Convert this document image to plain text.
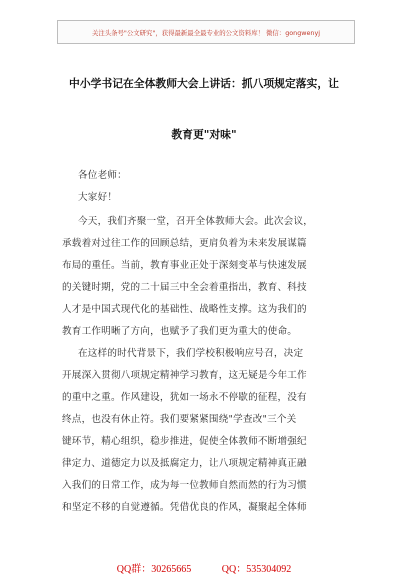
关注头条号"公文研究"，获得最新最全最专业的公文资料库！ 微信：gongwenyj
中小学书记在全体教师大会上讲话：抓八项规定落实，让
教育更"对味"
各位老师：
大家好！
今天，我们齐聚一堂，召开全体教师大会。此次会议，
承载着对过往工作的回顾总结，更肩负着为未来发展谋篇
布局的重任。当前，教育事业正处于深刻变革与快速发展
的关键时期，党的二十届三中全会着重指出，教育、科技
人才是中国式现代化的基础性、战略性支撑。这为我们的
教育工作明晰了方向，也赋予了我们更为重大的使命。
在这样的时代背景下，我们学校积极响应号召，决定
开展深入贯彻八项规定精神学习教育，这无疑是今年工作
的重中之重。作风建设，犹如一场永不停歇的征程，没有
终点，也没有休止符。我们要紧紧围绕"学查改"三个关
键环节，精心组织，稳步推进，促使全体教师不断增强纪
律定力、道德定力以及抵腐定力，让八项规定精神真正融
入我们的日常工作，成为每一位教师自然而然的行为习惯
和坚定不移的自觉遵循。凭借优良的作风，凝聚起全体师
QQ群：30265665	QQ：535304092
